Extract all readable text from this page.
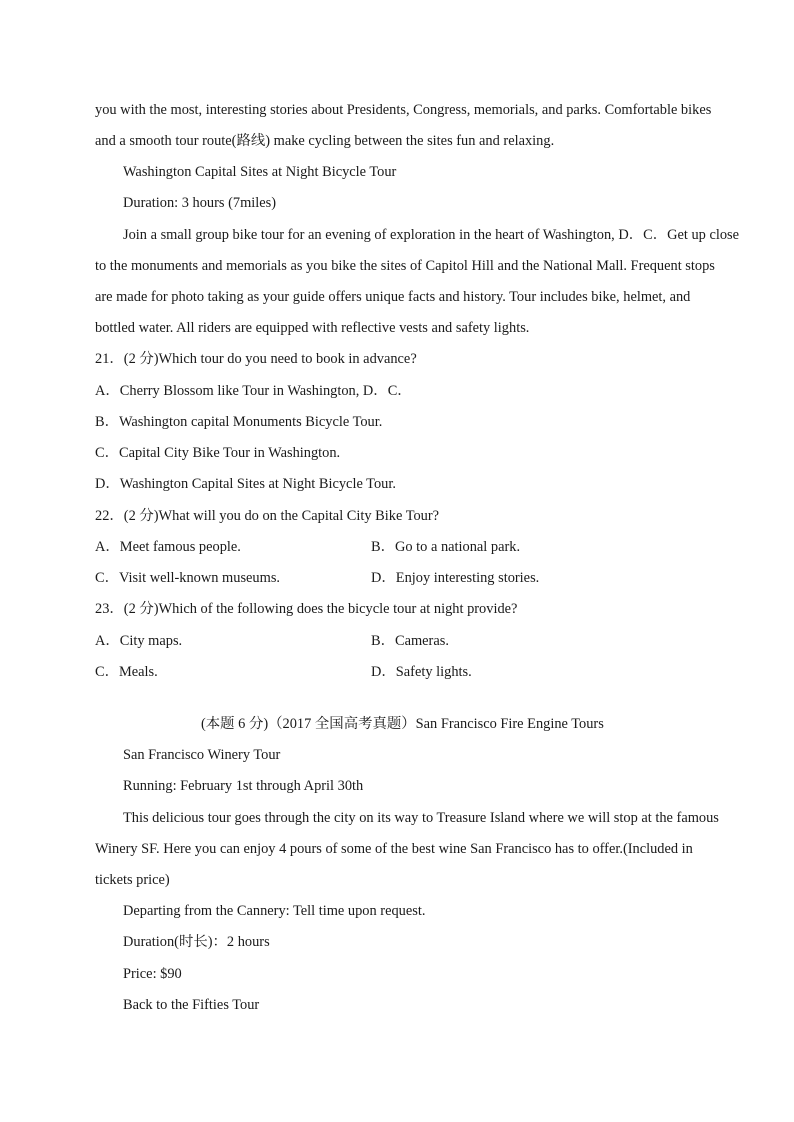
you with the most, interesting stories about Presidents, Congress, memorials, and parks. Comfortable bikes
and a smooth tour route(路线) make cycling between the sites fun and relaxing.
Washington Capital Sites at Night Bicycle Tour
Duration: 3 hours (7miles)
Join a small group bike tour for an evening of exploration in the heart of Washington, D．C．Get up close
to the monuments and memorials as you bike the sites of Capitol Hill and the National Mall. Frequent stops
are made for photo taking as your guide offers unique facts and history. Tour includes bike, helmet, and
bottled water. All riders are equipped with reflective vests and safety lights.
21．(2 分)Which tour do you need to book in advance?
A．Cherry Blossom like Tour in Washington, D．C．
B．Washington capital Monuments Bicycle Tour.
C．Capital City Bike Tour in Washington.
D．Washington Capital Sites at Night Bicycle Tour.
22．(2 分)What will you do on the Capital City Bike Tour?
A．Meet famous people.	B．Go to a national park.
C．Visit well-known museums.	D．Enjoy interesting stories.
23．(2 分)Which of the following does the bicycle tour at night provide?
A．City maps.	B．Cameras.
C．Meals.	D．Safety lights.
(本题 6 分)（2017 全国高考真题）San Francisco Fire Engine Tours
San Francisco Winery Tour
Running: February 1st through April 30th
This delicious tour goes through the city on its way to Treasure Island where we will stop at the famous
Winery SF. Here you can enjoy 4 pours of some of the best wine San Francisco has to offer.(Included in
tickets price)
Departing from the Cannery: Tell time upon request.
Duration(时长)：2 hours
Price: $90
Back to the Fifties Tour
